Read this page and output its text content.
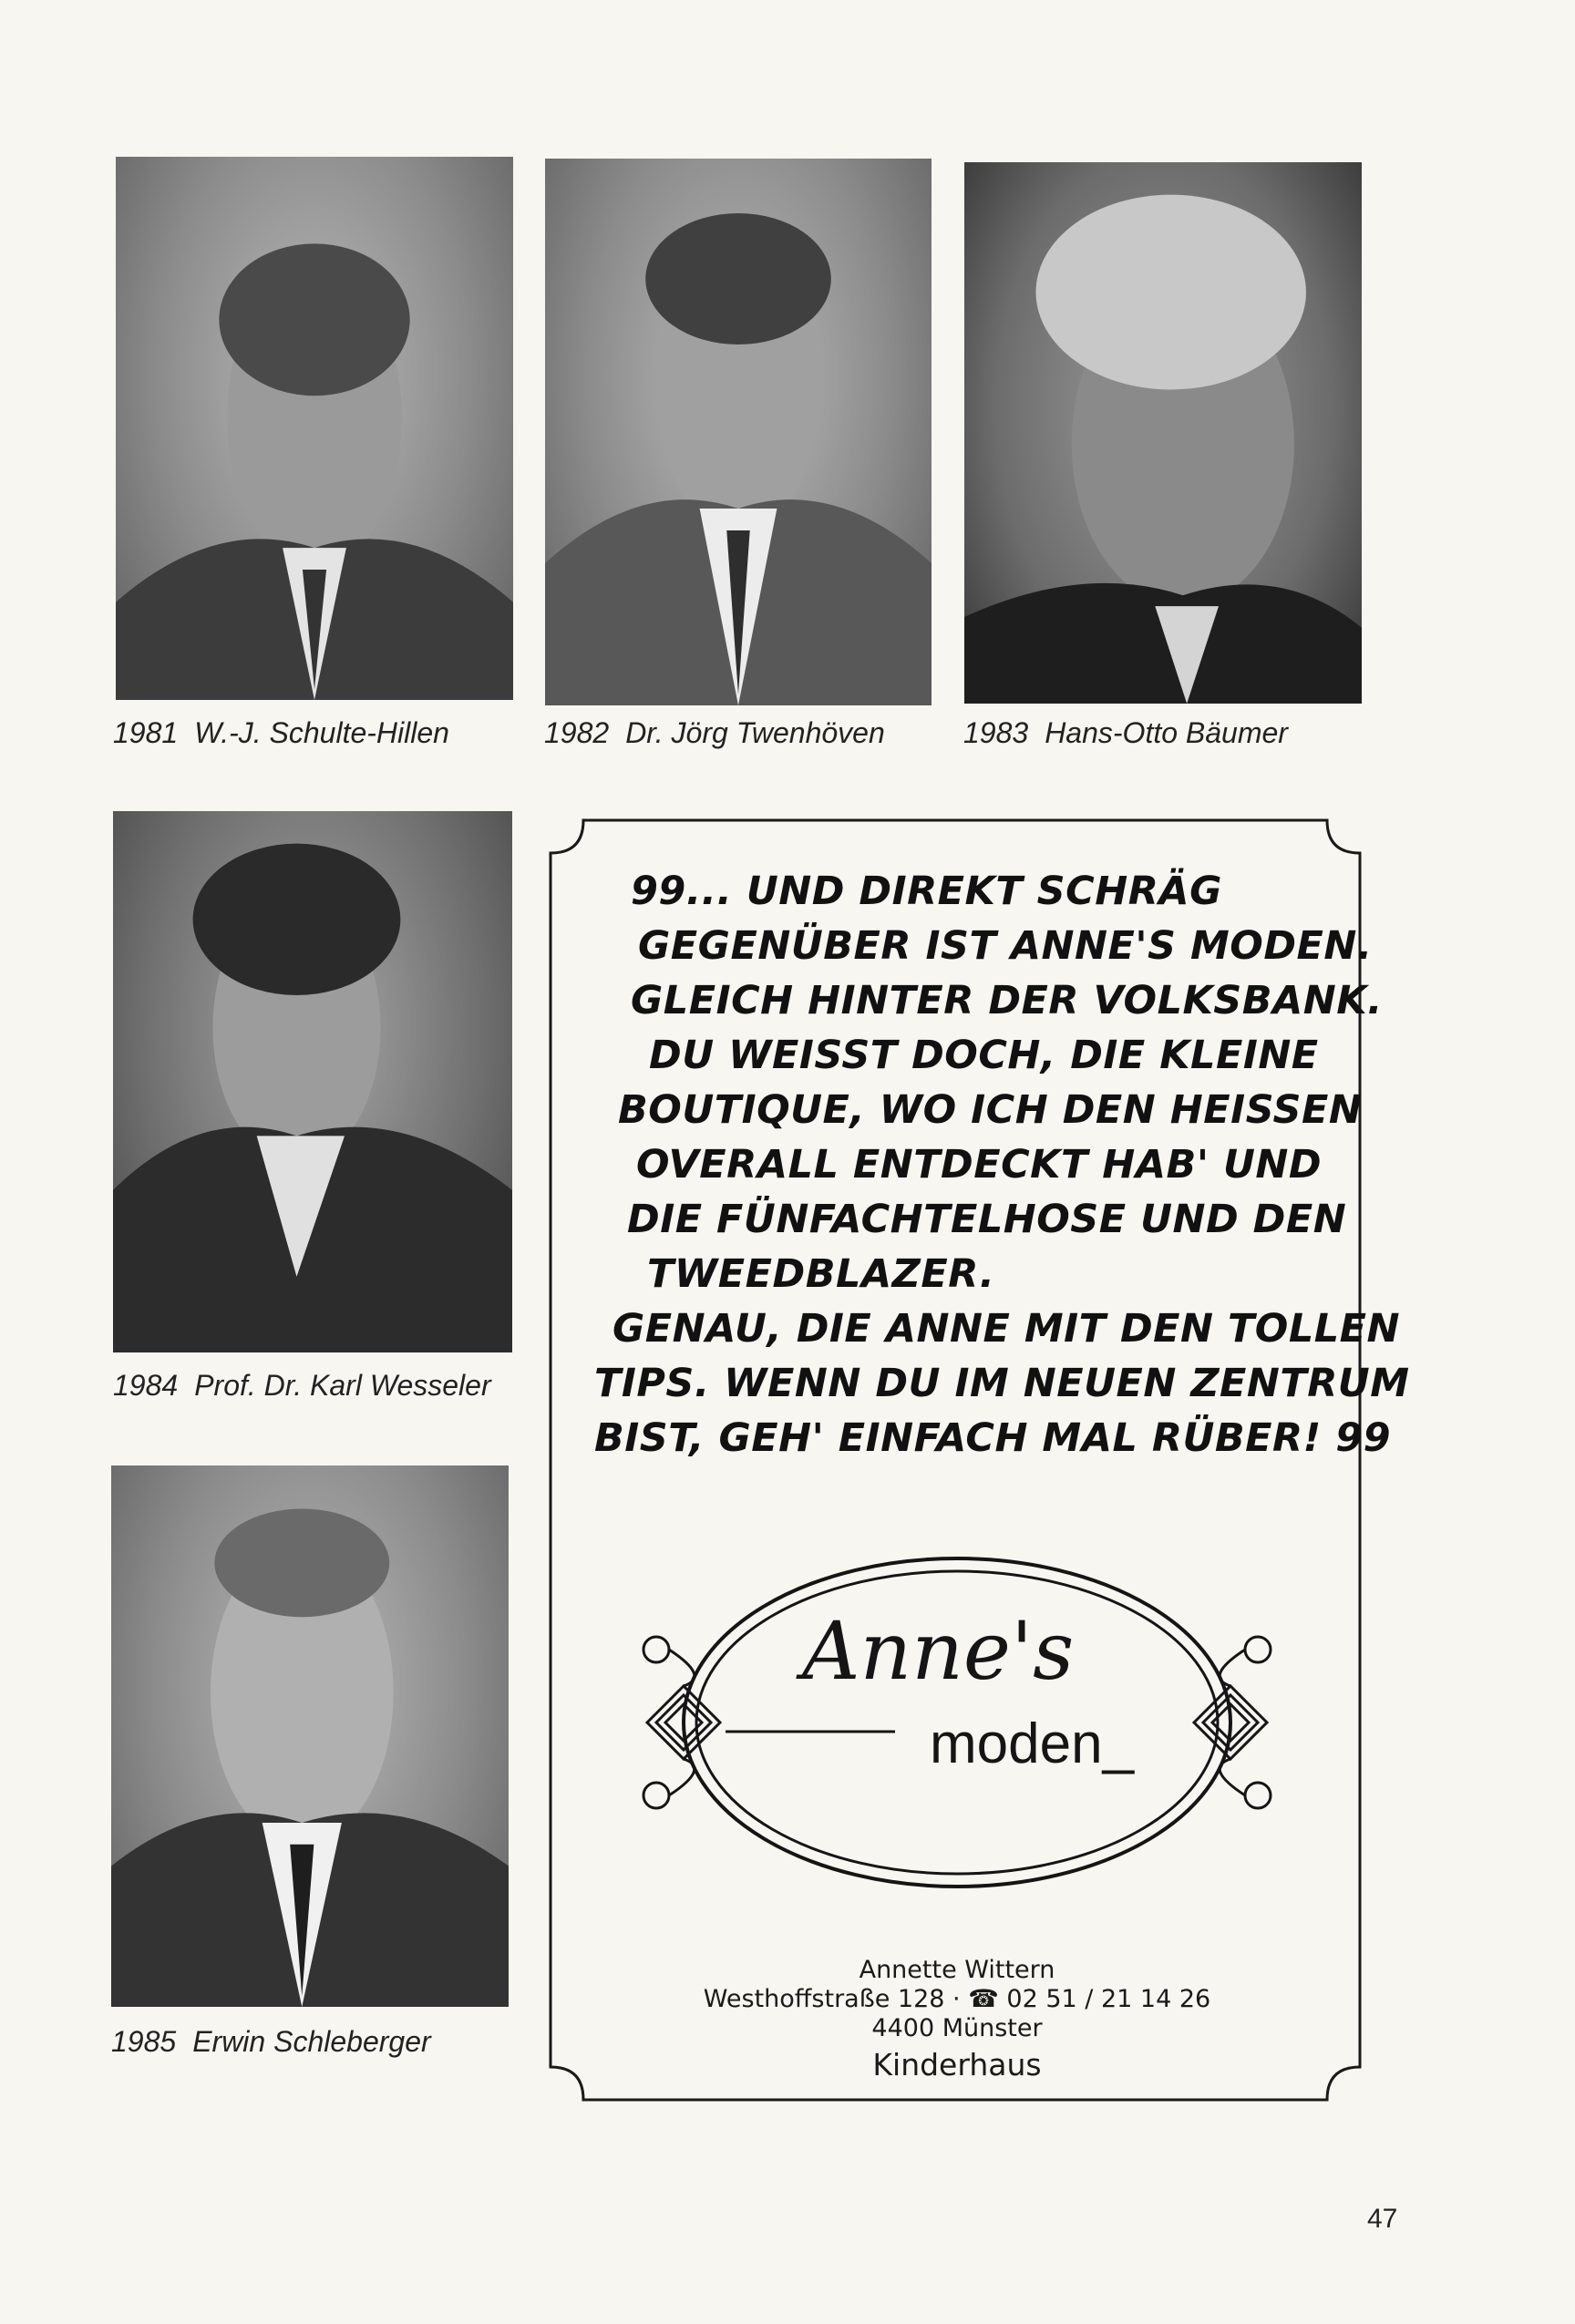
1981 W.-J. Schulte-Hillen	1982 Dr. Jörg Twenhöven	1983 Hans-Otto Bäumer
1984 Prof. Dr. Karl Wesseler
1985 Erwin Schleberger
99... UND DIREKT SCHRÄG
GEGENÜBER IST ANNE'S MODEN.
GLEICH HINTER DER VOLKSBANK.
DU WEISST DOCH, DIE KLEINE
BOUTIQUE, WO ICH DEN HEISSEN
OVERALL ENTDECKT HAB' UND
DIE FÜNFACHTELHOSE UND DEN
TWEEDBLAZER.
GENAU, DIE ANNE MIT DEN TOLLEN
TIPS. WENN DU IM NEUEN ZENTRUM
BIST, GEH' EINFACH MAL RÜBER! 99
Anne's
moden_
Annette Wittern
Westhoffstraße 128 · ☎ 02 51 / 21 14 26
4400 Münster
Kinderhaus
47
